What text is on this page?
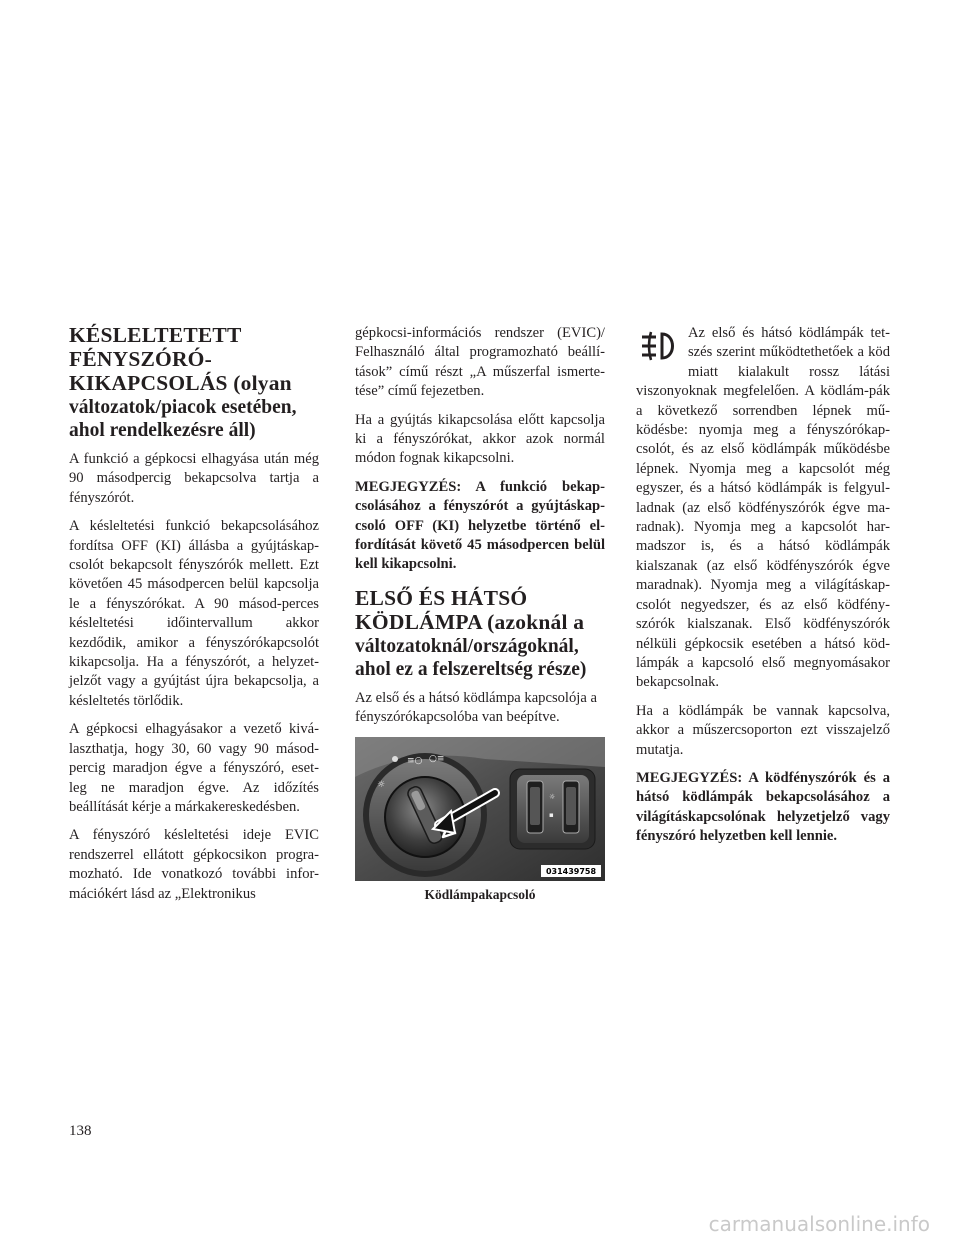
KÉSLELTETETT
FÉNYSZÓRÓ-
KIKAPCSOLÁS (olyan
változatok/piacok esetében,
ahol rendelkezésre áll)

A funkció a gépkocsi elhagyása után még 90 másodpercig bekapcsolva tartja a fényszórót.

A késleltetési funkció bekapcsolásához fordítsa OFF (KI) állásba a gyújtáskap-csolót bekapcsolt fényszórók mellett. Ezt követően 45 másodpercen belül kapcsolja le a fényszórókat. A 90 másod-perces késleltetési időintervallum akkor kezdődik, amikor a fényszórókapcsolót kikapcsolja. Ha a fényszórót, a helyzet-jelzőt vagy a gyújtást újra bekapcsolja, a késleltetés törlődik.

A gépkocsi elhagyásakor a vezető kivá-laszthatja, hogy 30, 60 vagy 90 másod-percig maradjon égve a fényszóró, eset-leg ne maradjon égve. Az időzítés beállítását kérje a márkakereskedésben.

A fényszóró késleltetési ideje EVIC rendszerrel ellátott gépkocsikon progra-mozható. Ide vonatkozó további infor-mációkért lásd az „Elektronikus

gépkocsi-információs rendszer (EVIC)/ Felhasználó által programozható beállí-tások” című részt „A műszerfal ismerte-tése” című fejezetben.

Ha a gyújtás kikapcsolása előtt kapcsolja ki a fényszórókat, akkor azok normál módon fognak kikapcsolni.

MEGJEGYZÉS: A funkció bekap-csolásához a fényszórót a gyújtáskap-csoló OFF (KI) helyzetbe történő el-fordítását követő 45 másodpercen belül kell kikapcsolni.

ELSŐ ÉS HÁTSÓ
KÖDLÁMPA (azoknál a
változatoknál/országoknál,
ahol ez a felszereltség része)

Az első és a hátsó ködlámpa kapcsolója a fényszórókapcsolóba van beépítve.

≡○ ○≡
☼
☼
▪
031439758
Ködlámpakapcsoló

Az első és hátsó ködlámpák tet-szés szerint működtethetőek a köd miatt kialakult rossz látási viszonyoknak megfelelően. A ködlám-pák a következő sorrendben lépnek mű-ködésbe: nyomja meg a fényszórókap-csolót, és az első ködlámpák működésbe lépnek. Nyomja meg a kapcsolót még egyszer, és a hátsó ködlámpák is felgyul-ladnak (az első ködfényszórók égve ma-radnak). Nyomja meg a kapcsolót har-madszor is, és a hátsó ködlámpák kialszanak (az első ködfényszórók égve maradnak). Nyomja meg a világításkap-csolót negyedszer, és az első ködfény-szórók kialszanak. Első ködfényszórók nélküli gépkocsik esetében a hátsó köd-lámpák a kapcsoló első megnyomásakor bekapcsolnak.

Ha a ködlámpák be vannak kapcsolva, akkor a műszercsoporton ezt visszajelző mutatja.

MEGJEGYZÉS: A ködfényszórók és a hátsó ködlámpák bekapcsolásához a világításkapcsolónak helyzetjelző vagy fényszóró helyzetben kell lennie.

138
carmanualsonline.info
